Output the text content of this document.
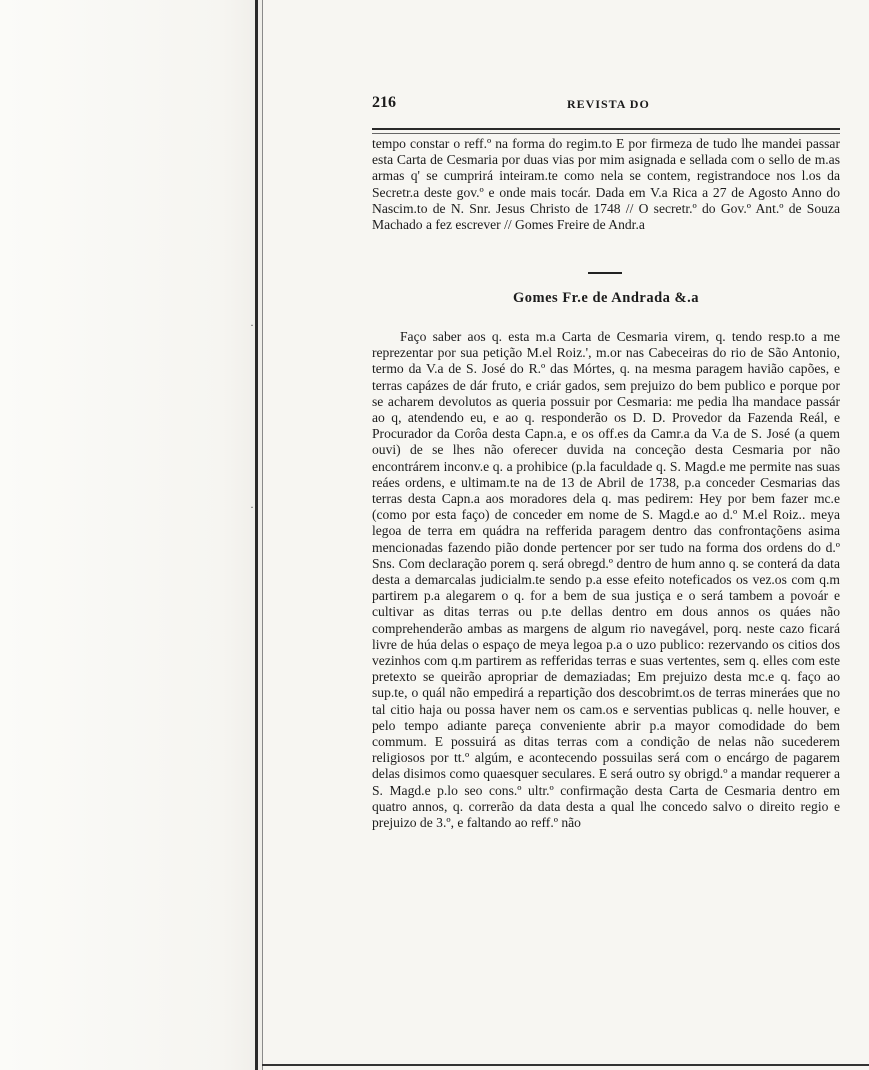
·
·
216	REVISTA DO
tempo constar o reff.º na forma do regim.to E por firmeza de tudo lhe mandei passar esta Carta de Cesmaria por duas vias por mim asignada e sellada com o sello de m.as armas q' se cumprirá inteiram.te como nela se contem, registrandoce nos l.os da Secretr.a deste gov.º e onde mais tocár. Dada em V.a Rica a 27 de Agosto Anno do Nascim.to de N. Snr. Jesus Christo de 1748 // O secretr.º do Gov.º Ant.º de Souza Machado a fez escrever // Gomes Freire de Andr.a
Gomes Fr.e de Andrada &.a
Faço saber aos q. esta m.a Carta de Cesmaria virem, q. tendo resp.to a me reprezentar por sua petição M.el Roiz.', m.or nas Cabeceiras do rio de São Antonio, termo da V.a de S. José do R.º das Mórtes, q. na mesma paragem havião capões, e terras capázes de dár fruto, e criár gados, sem prejuizo do bem publico e porque por se acharem devolutos as queria possuir por Cesmaria: me pedia lha mandace passár ao q, atendendo eu, e ao q. responderão os D. D. Provedor da Fazenda Reál, e Procurador da Corôa desta Capn.a, e os off.es da Camr.a da V.a de S. José (a quem ouvi) de se lhes não oferecer duvida na conceção desta Cesmaria por não encontrárem inconv.e q. a prohibice (p.la faculdade q. S. Magd.e me permite nas suas reáes ordens, e ultimam.te na de 13 de Abril de 1738, p.a conceder Cesmarias das terras desta Capn.a aos moradores dela q. mas pedirem: Hey por bem fazer mc.e (como por esta faço) de conceder em nome de S. Magd.e ao d.º M.el Roiz.. meya legoa de terra em quádra na refferida paragem dentro das confrontaçõens asima mencionadas fazendo pião donde pertencer por ser tudo na forma dos ordens do d.º Sns. Com declaração porem q. será obregd.º dentro de hum anno q. se conterá da data desta a demarcalas judicialm.te sendo p.a esse efeito noteficados os vez.os com q.m partirem p.a alegarem o q. for a bem de sua justiça e o será tambem a povoár e cultivar as ditas terras ou p.te dellas dentro em dous annos os quáes não comprehenderão ambas as margens de algum rio navegável, porq. neste cazo ficará livre de húa delas o espaço de meya legoa p.a o uzo publico: rezervando os citios dos vezinhos com q.m partirem as refferidas terras e suas vertentes, sem q. elles com este pretexto se queirão apropriar de demaziadas; Em prejuizo desta mc.e q. faço ao sup.te, o quál não empedirá a repartição dos descobrimt.os de terras mineráes que no tal citio haja ou possa haver nem os cam.os e serventias publicas q. nelle houver, e pelo tempo adiante pareça conveniente abrir p.a mayor comodidade do bem commum. E possuirá as ditas terras com a condição de nelas não sucederem religiosos por tt.º algúm, e acontecendo possuilas será com o encárgo de pagarem delas disimos como quaesquer seculares. E será outro sy obrigd.º a mandar requerer a S. Magd.e p.lo seo cons.º ultr.º confirmação desta Carta de Cesmaria dentro em quatro annos, q. correrão da data desta a qual lhe concedo salvo o direito regio e prejuizo de 3.º, e faltando ao reff.º não
